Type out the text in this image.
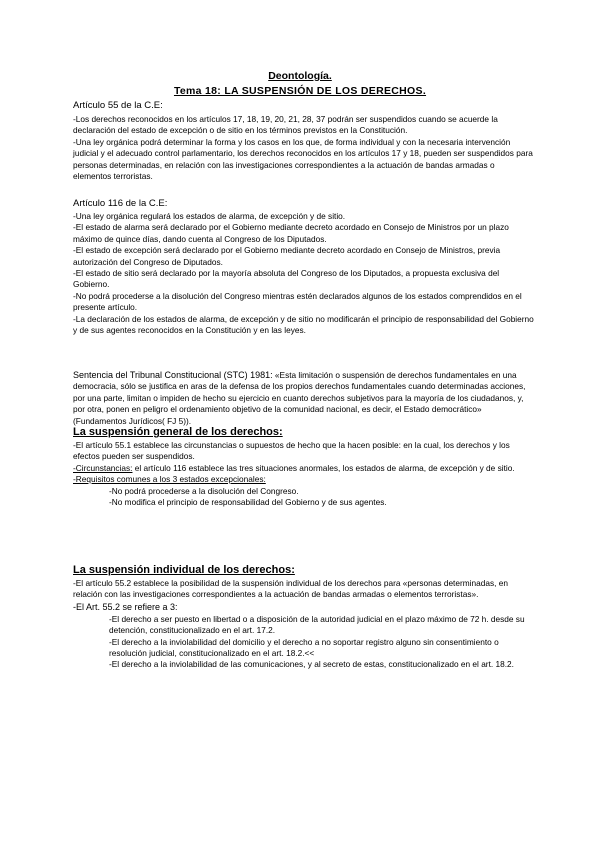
Deontología.
Tema 18: LA SUSPENSIÓN DE LOS DERECHOS.
Artículo 55 de la C.E:

-Los derechos reconocidos en los artículos 17, 18, 19, 20, 21, 28, 37 podrán ser suspendidos cuando se acuerde la declaración del estado de excepción o de sitio en los términos previstos en la Constitución.

-Una ley orgánica podrá determinar la forma y los casos en los que, de forma individual y con la necesaria intervención judicial y el adecuado control parlamentario, los derechos reconocidos en los artículos 17 y 18, pueden ser suspendidos para personas determinadas, en relación con las investigaciones correspondientes a la actuación de bandas armadas o elementos terroristas.

Artículo 116 de la C.E:

-Una ley orgánica regulará los estados de alarma, de excepción y de sitio.

-El estado de alarma será declarado por el Gobierno mediante decreto acordado en Consejo de Ministros por un plazo máximo de quince días, dando cuenta al Congreso de los Diputados.

-El estado de excepción será declarado por el Gobierno mediante decreto acordado en Consejo de Ministros, previa autorización del Congreso de Diputados.

-El estado de sitio será declarado por la mayoría absoluta del Congreso de los Diputados, a propuesta exclusiva del Gobierno.

-No podrá procederse a la disolución del Congreso mientras estén declarados algunos de los estados comprendidos en el presente artículo.

-La declaración de los estados de alarma, de excepción y de sitio no modificarán el principio de responsabilidad del Gobierno y de sus agentes reconocidos en la Constitución y en las leyes.

Sentencia del Tribunal Constitucional (STC) 1981: «Esta limitación o suspensión de derechos fundamentales en una democracia, sólo se justifica en aras de la defensa de los propios derechos fundamentales cuando determinadas acciones, por una parte, limitan o impiden de hecho su ejercicio en cuanto derechos subjetivos para la mayoría de los ciudadanos, y, por otra, ponen en peligro el ordenamiento objetivo de la comunidad nacional, es decir, el Estado democrático» (Fundamentos Jurídicos( FJ 5)).

La suspensión general de los derechos:

-El artículo 55.1 establece las circunstancias o supuestos de hecho que la hacen posible: en la cual, los derechos y los efectos pueden ser suspendidos.

-Circunstancias: el artículo 116 establece las tres situaciones anormales, los estados de alarma, de excepción y de sitio.

-Requisitos comunes a los 3 estados excepcionales:

-No podrá procederse a la disolución del Congreso.

-No modifica el principio de responsabilidad del Gobierno y de sus agentes.

La suspensión individual de los derechos:

-El artículo 55.2 establece la posibilidad de la suspensión individual de los derechos para «personas determinadas, en relación con las investigaciones correspondientes a la actuación de bandas armadas o elementos terroristas».

-El Art. 55.2 se refiere a 3:

-El derecho a ser puesto en libertad o a disposición de la autoridad judicial en el plazo máximo de 72 h. desde su detención, constitucionalizado en el art. 17.2.

-El derecho a la inviolabilidad del domicilio y el derecho a no soportar registro alguno sin consentimiento o resolución judicial, constitucionalizado en el art. 18.2.<<

-El derecho a la inviolabilidad de las comunicaciones, y al secreto de estas, constitucionalizado en el art. 18.2.
